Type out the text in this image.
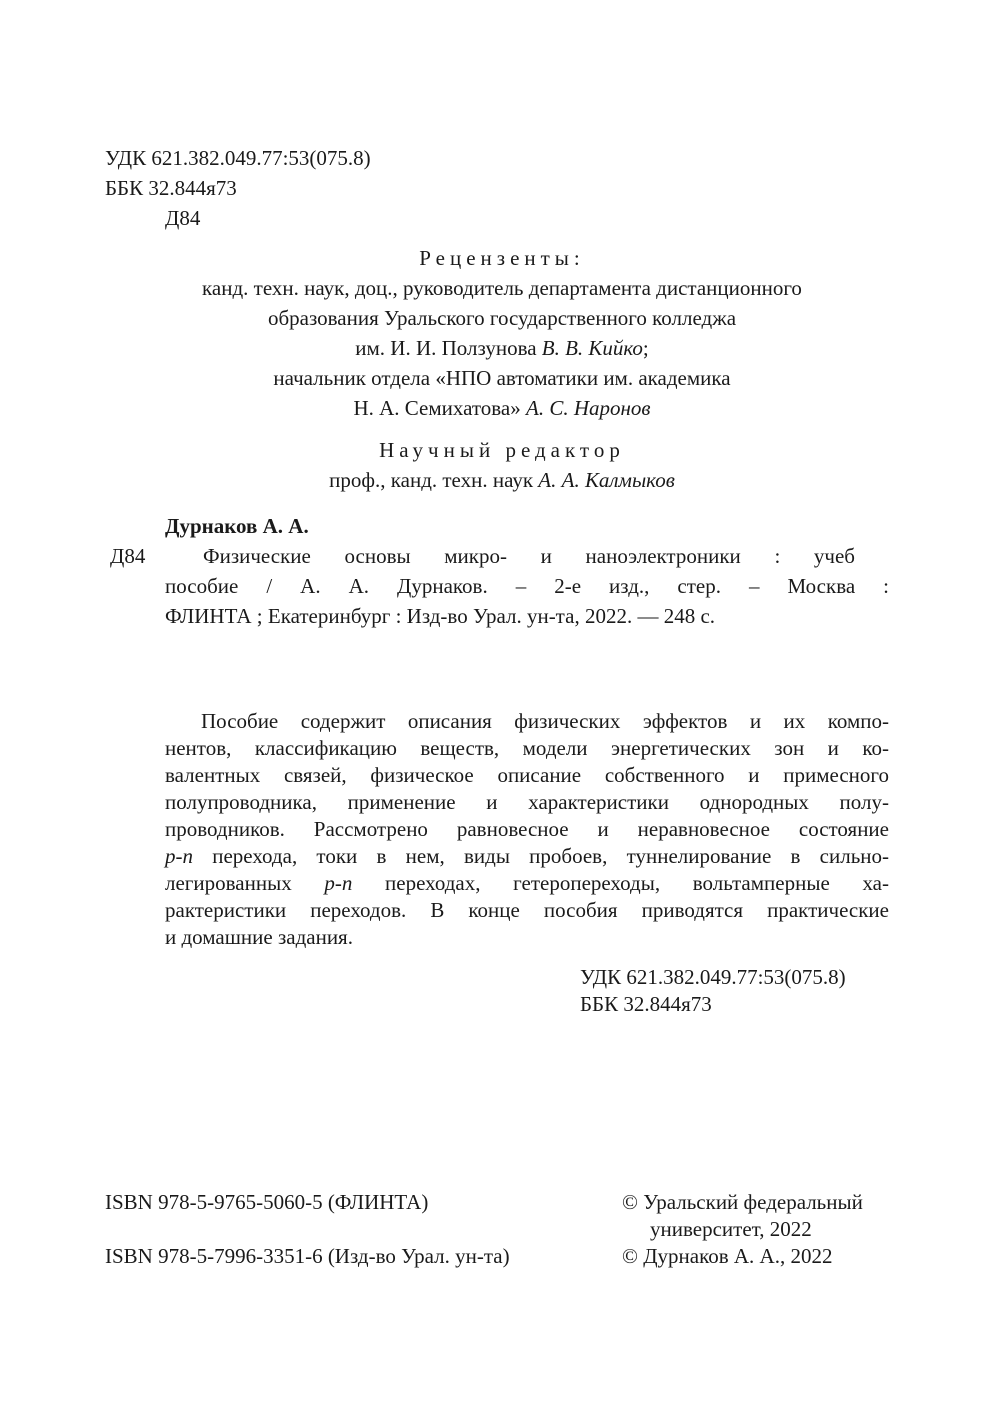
УДК 621.382.049.77:53(075.8)
ББК 32.844я73
Д84
Рецензенты:
канд. техн. наук, доц., руководитель департамента дистанционного
образования Уральского государственного колледжа
им. И. И. Ползунова В. В. Кийко;
начальник отдела «НПО автоматики им. академика
Н. А. Семихатова» А. С. Наронов
Научный редактор
проф., канд. техн. наук А. А. Калмыков
Дурнаков А. А.
Д84	Физические основы микро- и наноэлектроники : учеб
пособие / А. А. Дурнаков. – 2-е изд., стер. – Москва :
ФЛИНТА ; Екатеринбург : Изд-во Урал. ун-та, 2022. — 248 с.
Пособие содержит описания физических эффектов и их компо-
нентов, классификацию веществ, модели энергетических зон и ко-
валентных связей, физическое описание собственного и примесного
полупроводника, применение и характеристики однородных полу-
проводников. Рассмотрено равновесное и неравновесное состояние
p-n перехода, токи в нем, виды пробоев, туннелирование в сильно-
легированных p-n переходах, гетеропереходы, вольтамперные ха-
рактеристики переходов. В конце пособия приводятся практические
и домашние задания.
УДК 621.382.049.77:53(075.8)
ББК 32.844я73
ISBN 978-5-9765-5060-5 (ФЛИНТА)
ISBN 978-5-7996-3351-6 (Изд-во Урал. ун-та)
© Уральский федеральный
университет, 2022
© Дурнаков А. А., 2022
